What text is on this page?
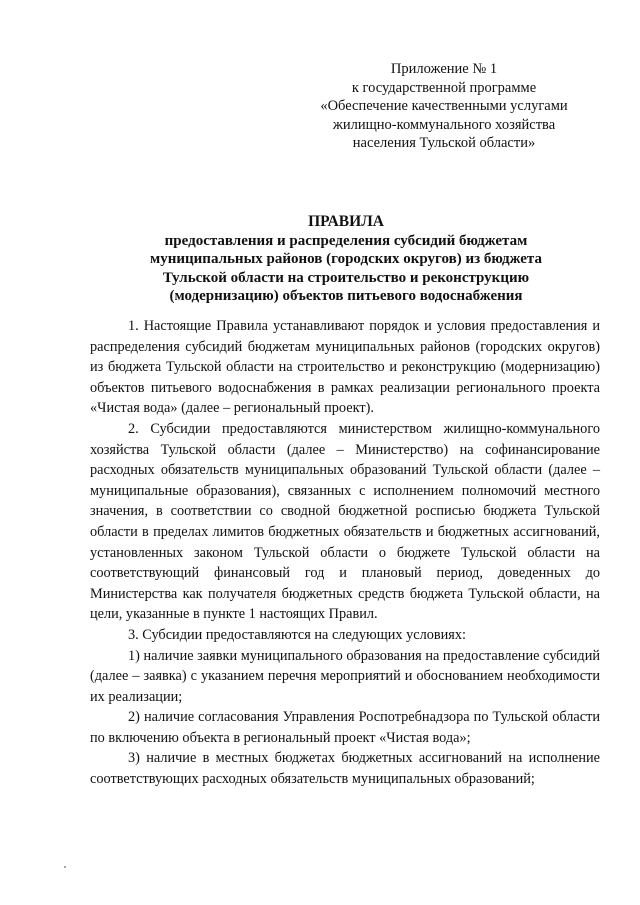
Приложение № 1
к государственной программе
«Обеспечение качественными услугами
жилищно-коммунального хозяйства
населения Тульской области»
ПРАВИЛА
предоставления и распределения субсидий бюджетам
муниципальных районов (городских округов) из бюджета
Тульской области на строительство и реконструкцию
(модернизацию) объектов питьевого водоснабжения

1. Настоящие Правила устанавливают порядок и условия предоставления и распределения субсидий бюджетам муниципальных районов (городских округов) из бюджета Тульской области на строительство и реконструкцию (модернизацию) объектов питьевого водоснабжения в рамках реализации регионального проекта «Чистая вода» (далее – региональный проект).

2. Субсидии предоставляются министерством жилищно-коммунального хозяйства Тульской области (далее – Министерство) на софинансирование расходных обязательств муниципальных образований Тульской области (далее – муниципальные образования), связанных с исполнением полномочий местного значения, в соответствии со сводной бюджетной росписью бюджета Тульской области в пределах лимитов бюджетных обязательств и бюджетных ассигнований, установленных законом Тульской области о бюджете Тульской области на соответствующий финансовый год и плановый период, доведенных до Министерства как получателя бюджетных средств бюджета Тульской области, на цели, указанные в пункте 1 настоящих Правил.

3. Субсидии предоставляются на следующих условиях:

1) наличие заявки муниципального образования на предоставление субсидий (далее – заявка) с указанием перечня мероприятий и обоснованием необходимости их реализации;

2) наличие согласования Управления Роспотребнадзора по Тульской области по включению объекта в региональный проект «Чистая вода»;

3) наличие в местных бюджетах бюджетных ассигнований на исполнение соответствующих расходных обязательств муниципальных образований;
